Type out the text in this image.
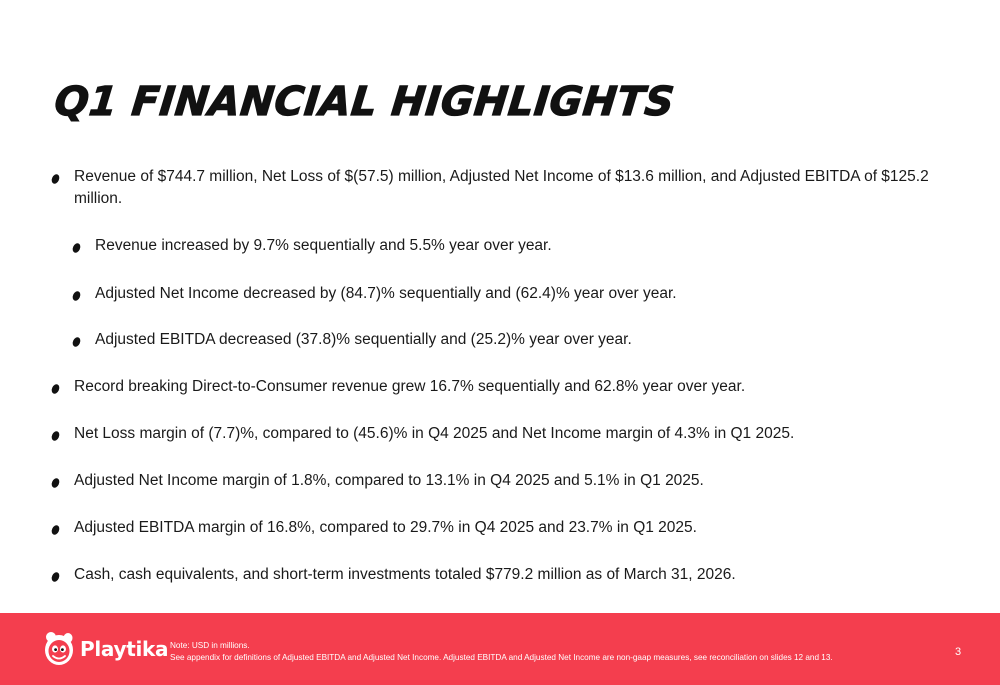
Q1 FINANCIAL HIGHLIGHTS
Revenue of $744.7 million, Net Loss of $(57.5) million, Adjusted Net Income of $13.6 million, and Adjusted EBITDA of $125.2 million.
Revenue increased by 9.7% sequentially and 5.5% year over year.
Adjusted Net Income decreased by (84.7)% sequentially and (62.4)% year over year.
Adjusted EBITDA decreased (37.8)% sequentially and (25.2)% year over year.
Record breaking Direct-to-Consumer revenue grew 16.7% sequentially and 62.8% year over year.
Net Loss margin of (7.7)%, compared to (45.6)% in Q4 2025 and Net Income margin of 4.3% in Q1 2025.
Adjusted Net Income margin of 1.8%, compared to 13.1% in Q4 2025 and 5.1% in Q1 2025.
Adjusted EBITDA margin of 16.8%, compared to 29.7% in Q4 2025 and 23.7% in Q1 2025.
Cash, cash equivalents, and short-term investments totaled $779.2 million as of March 31, 2026.
Playtika Note: USD in millions.
See appendix for definitions of Adjusted EBITDA and Adjusted Net Income. Adjusted EBITDA and Adjusted Net Income are non-gaap measures, see reconciliation on slides 12 and 13.	3
